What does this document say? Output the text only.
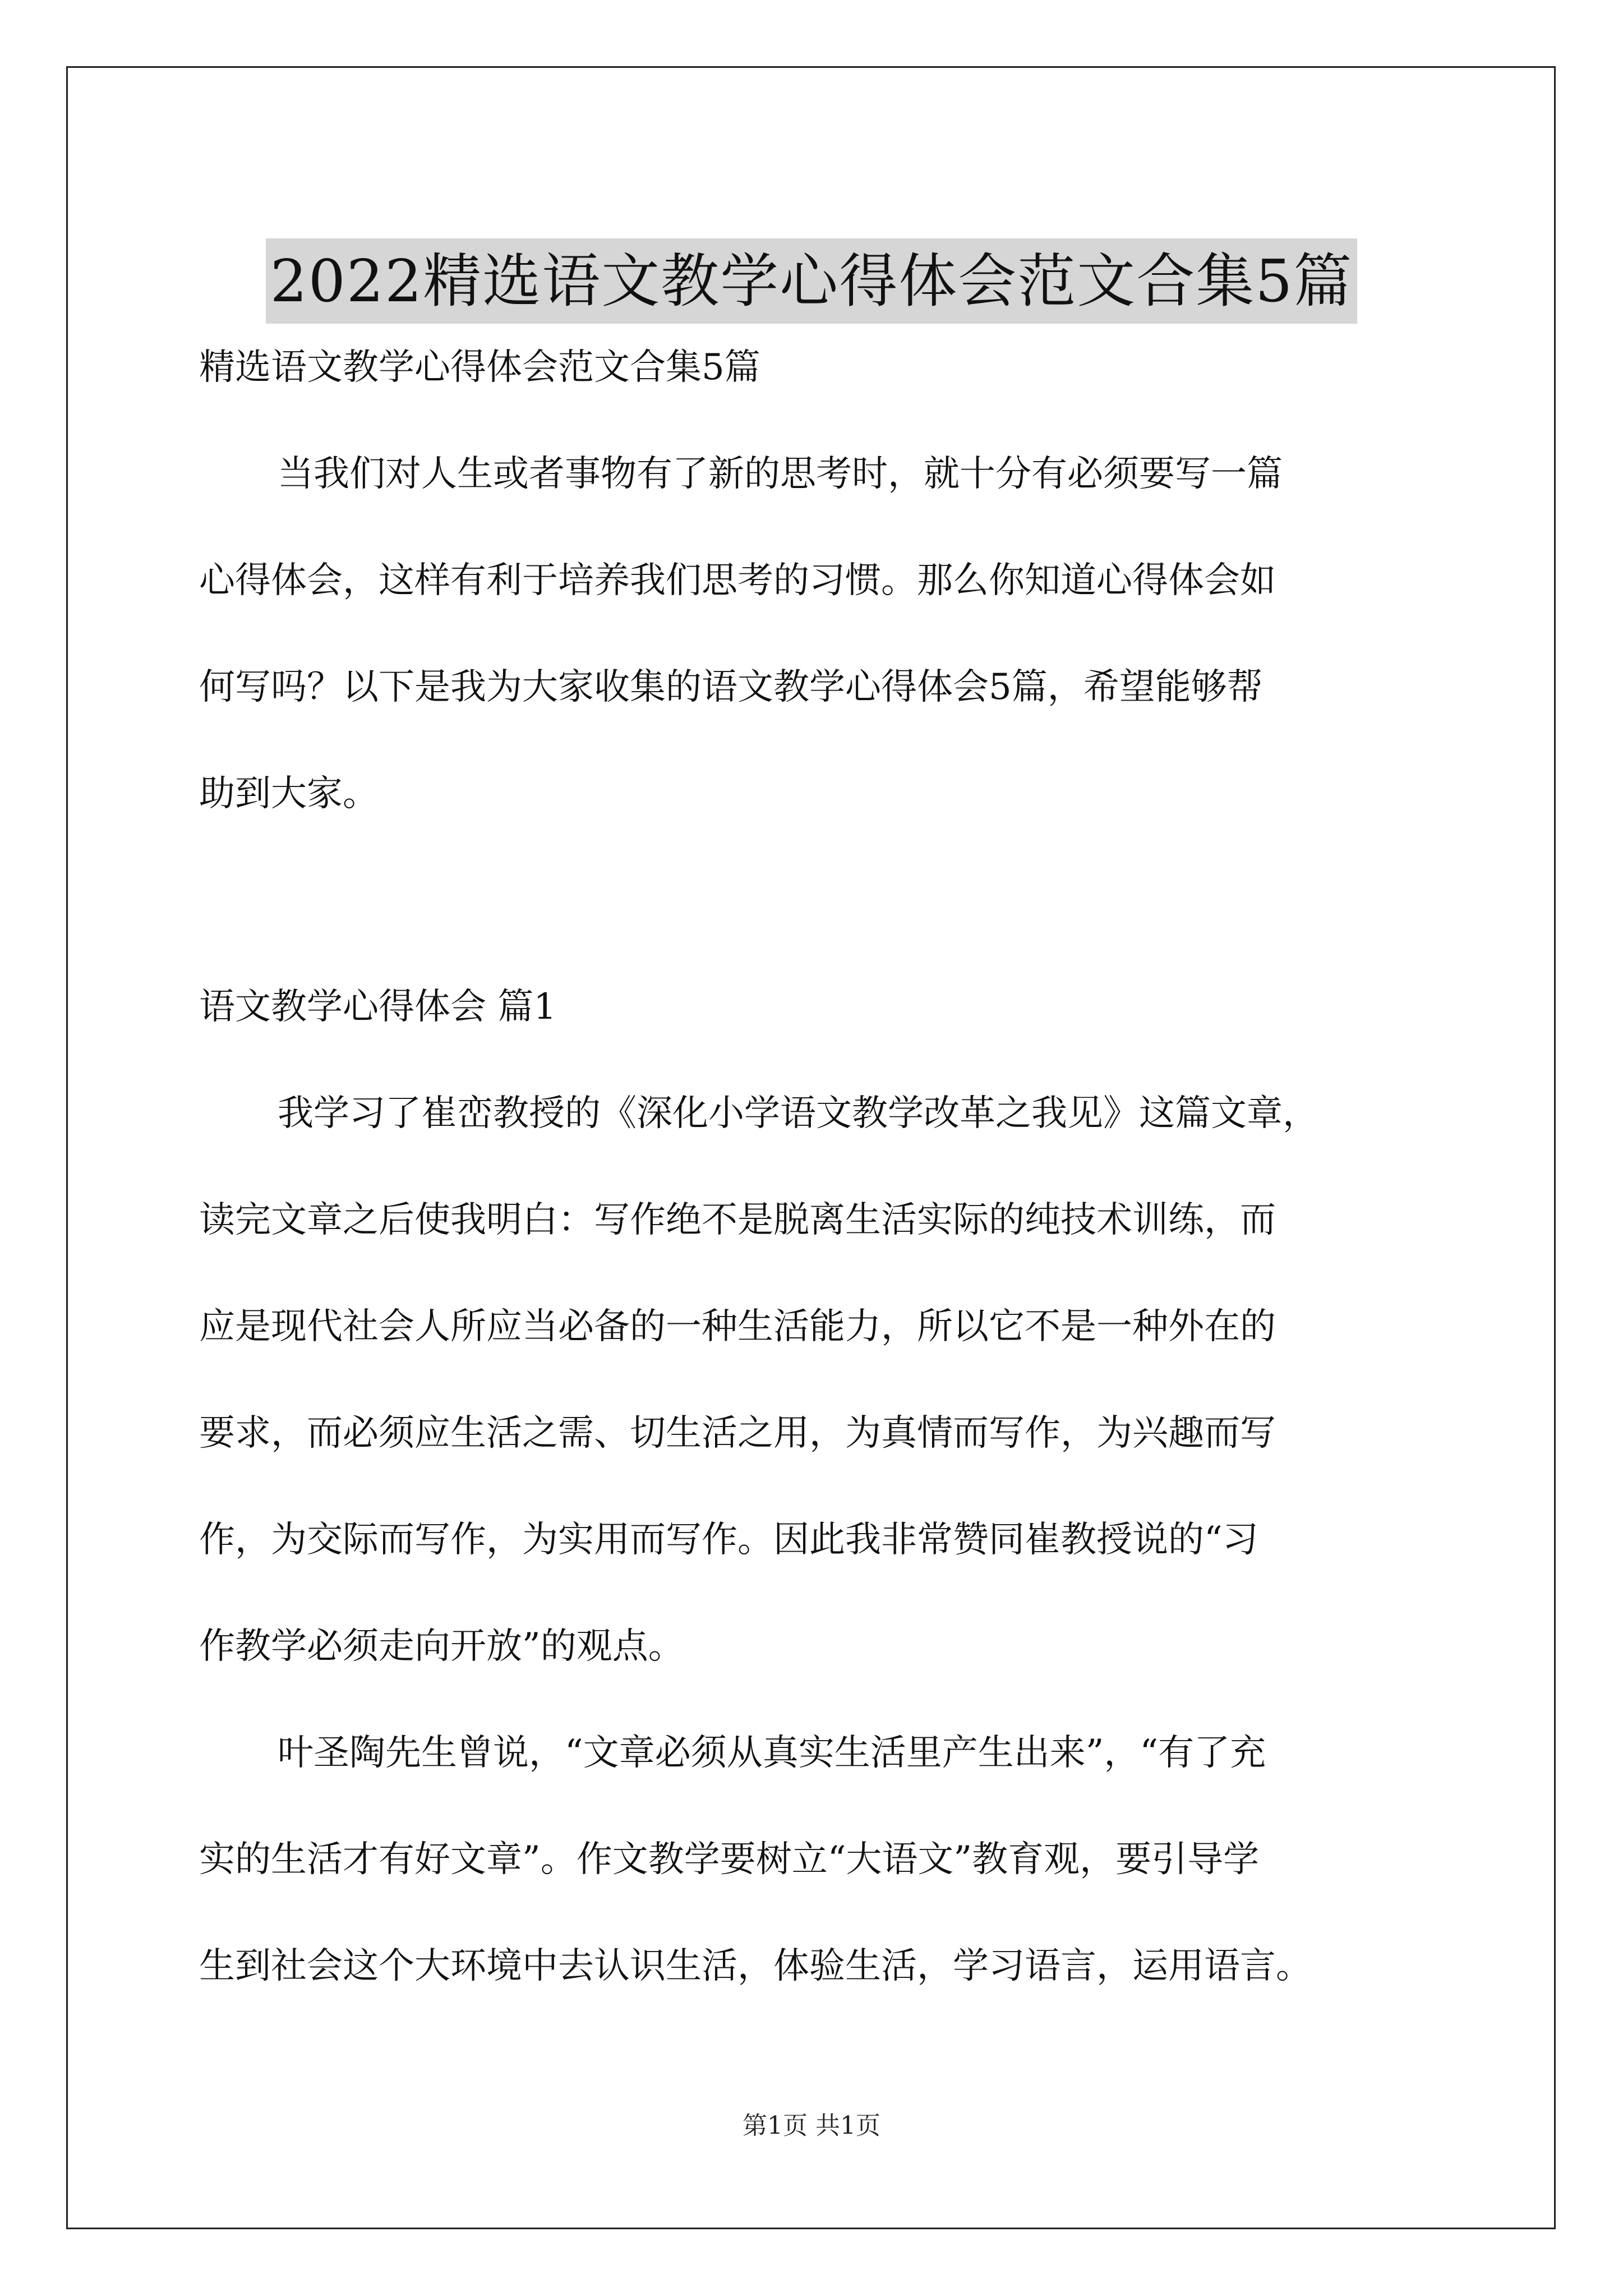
2022精选语文教学心得体会范文合集5篇
精选语文教学心得体会范文合集5篇
当我们对人生或者事物有了新的思考时，就十分有必须要写一篇
心得体会，这样有利于培养我们思考的习惯。那么你知道心得体会如
何写吗？以下是我为大家收集的语文教学心得体会5篇，希望能够帮
助到大家。
语文教学心得体会 篇1
我学习了崔峦教授的《深化小学语文教学改革之我见》这篇文章，
读完文章之后使我明白：写作绝不是脱离生活实际的纯技术训练，而
应是现代社会人所应当必备的一种生活能力，所以它不是一种外在的
要求，而必须应生活之需、切生活之用，为真情而写作，为兴趣而写
作，为交际而写作，为实用而写作。因此我非常赞同崔教授说的“习
作教学必须走向开放”的观点。
叶圣陶先生曾说，“文章必须从真实生活里产生出来”，“有了充
实的生活才有好文章”。作文教学要树立“大语文”教育观，要引导学
生到社会这个大环境中去认识生活，体验生活，学习语言，运用语言。
第1页 共1页
